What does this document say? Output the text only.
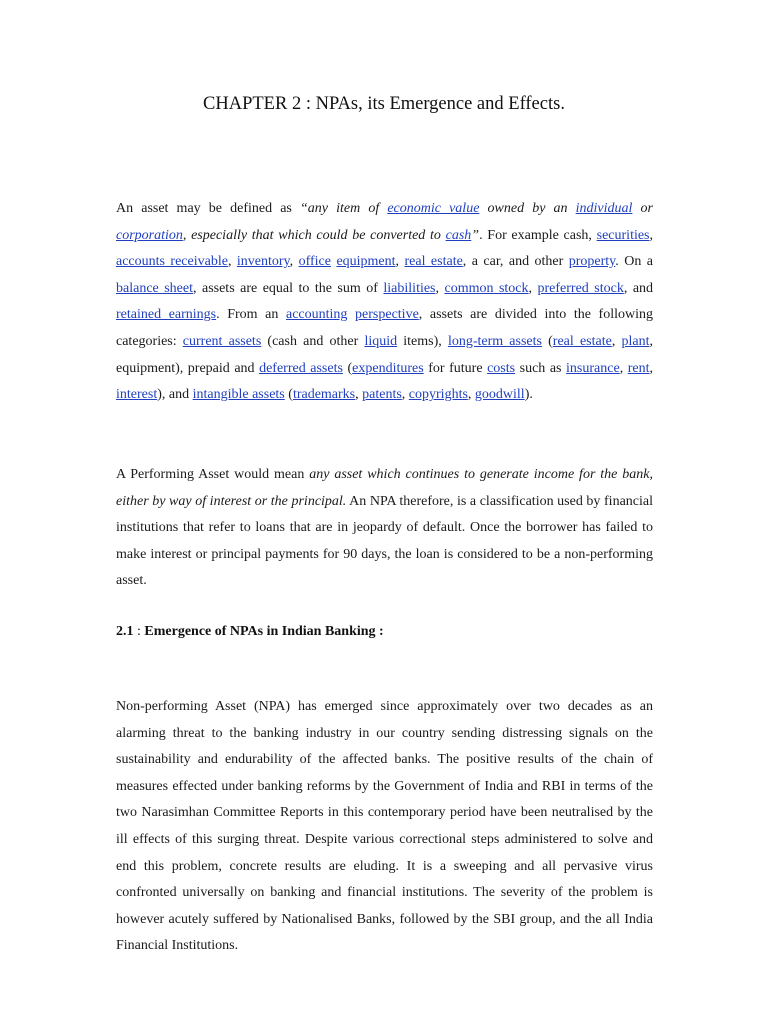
CHAPTER 2 : NPAs, its Emergence and Effects.

An asset may be defined as “any item of economic value owned by an individual or corporation, especially that which could be converted to cash”. For example cash, securities, accounts receivable, inventory, office equipment, real estate, a car, and other property. On a balance sheet, assets are equal to the sum of liabilities, common stock, preferred stock, and retained earnings. From an accounting perspective, assets are divided into the following categories: current assets (cash and other liquid items), long-term assets (real estate, plant, equipment), prepaid and deferred assets (expenditures for future costs such as insurance, rent, interest), and intangible assets (trademarks, patents, copyrights, goodwill).

A Performing Asset would mean any asset which continues to generate income for the bank, either by way of interest or the principal. An NPA therefore, is a classification used by financial institutions that refer to loans that are in jeopardy of default. Once the borrower has failed to make interest or principal payments for 90 days, the loan is considered to be a non-performing asset.

2.1 : Emergence of NPAs in Indian Banking :

Non-performing Asset (NPA) has emerged since approximately over two decades as an alarming threat to the banking industry in our country sending distressing signals on the sustainability and endurability of the affected banks. The positive results of the chain of measures effected under banking reforms by the Government of India and RBI in terms of the two Narasimhan Committee Reports in this contemporary period have been neutralised by the ill effects of this surging threat. Despite various correctional steps administered to solve and end this problem, concrete results are eluding. It is a sweeping and all pervasive virus confronted universally on banking and financial institutions. The severity of the problem is however acutely suffered by Nationalised Banks, followed by the SBI group, and the all India Financial Institutions.
